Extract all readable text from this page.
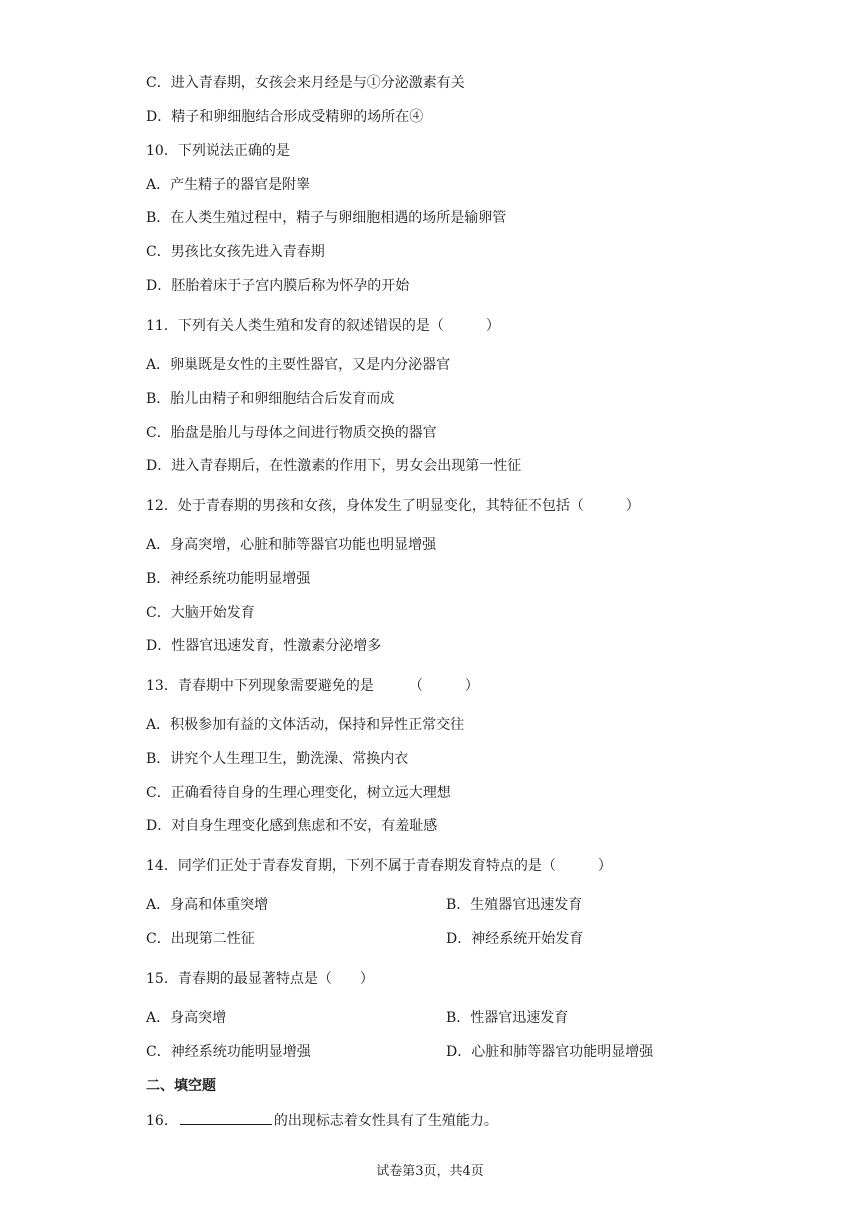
C．进入青春期，女孩会来月经是与①分泌激素有关
D．精子和卵细胞结合形成受精卵的场所在④
10．下列说法正确的是
A．产生精子的器官是附睾
B．在人类生殖过程中，精子与卵细胞相遇的场所是输卵管
C．男孩比女孩先进入青春期
D．胚胎着床于子宫内膜后称为怀孕的开始
11．下列有关人类生殖和发育的叙述错误的是（　　　）
A．卵巢既是女性的主要性器官，又是内分泌器官
B．胎儿由精子和卵细胞结合后发育而成
C．胎盘是胎儿与母体之间进行物质交换的器官
D．进入青春期后，在性激素的作用下，男女会出现第一性征
12．处于青春期的男孩和女孩，身体发生了明显变化，其特征不包括（　　　）
A．身高突增，心脏和肺等器官功能也明显增强
B．神经系统功能明显增强
C．大脑开始发育
D．性器官迅速发育，性激素分泌增多
13．青春期中下列现象需要避免的是　　　（　　　）
A．积极参加有益的文体活动，保持和异性正常交往
B．讲究个人生理卫生，勤洗澡、常换内衣
C．正确看待自身的生理心理变化，树立远大理想
D．对自身生理变化感到焦虑和不安，有羞耻感
14．同学们正处于青春发育期，下列不属于青春期发育特点的是（　　　）
A．身高和体重突增	B．生殖器官迅速发育
C．出现第二性征	D．神经系统开始发育
15．青春期的最显著特点是（　　）
A．身高突增	B．性器官迅速发育
C．神经系统功能明显增强	D．心脏和肺等器官功能明显增强
二、填空题
16．	的出现标志着女性具有了生殖能力。
试卷第3页，共4页
